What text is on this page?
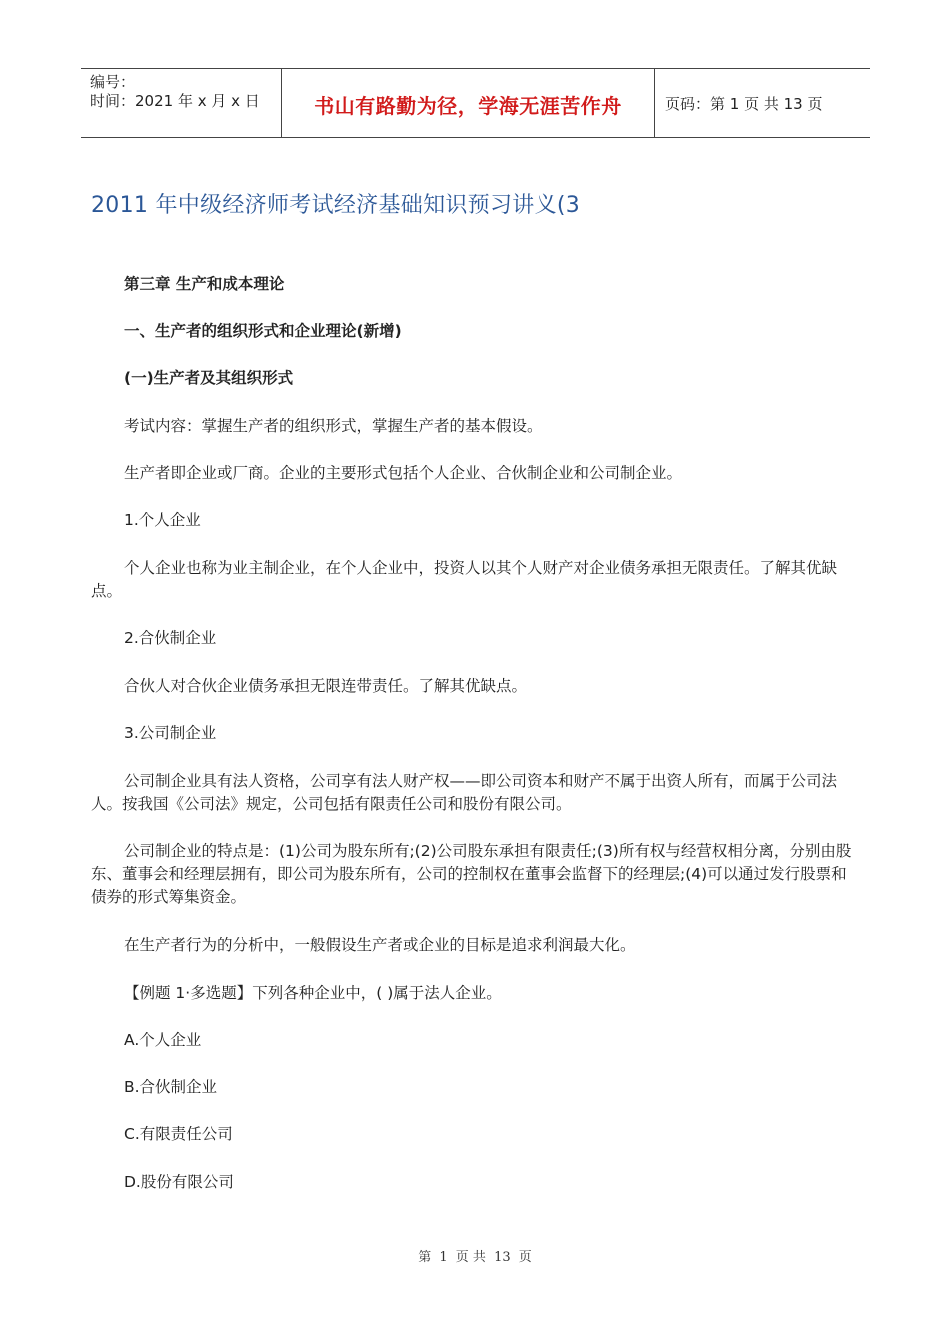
编号：
时间：2021 年 x 月 x 日	书山有路勤为径，学海无涯苦作舟	页码：第 1 页 共 13 页
2011 年中级经济师考试经济基础知识预习讲义(3

第三章 生产和成本理论

一、生产者的组织形式和企业理论(新增)

(一)生产者及其组织形式

考试内容：掌握生产者的组织形式，掌握生产者的基本假设。

生产者即企业或厂商。企业的主要形式包括个人企业、合伙制企业和公司制企业。

1.个人企业

个人企业也称为业主制企业，在个人企业中，投资人以其个人财产对企业债务承担无限责任。了解其优缺点。

2.合伙制企业

合伙人对合伙企业债务承担无限连带责任。了解其优缺点。

3.公司制企业

公司制企业具有法人资格，公司享有法人财产权——即公司资本和财产不属于出资人所有，而属于公司法人。按我国《公司法》规定，公司包括有限责任公司和股份有限公司。

公司制企业的特点是：(1)公司为股东所有;(2)公司股东承担有限责任;(3)所有权与经营权相分离，分别由股东、董事会和经理层拥有，即公司为股东所有，公司的控制权在董事会监督下的经理层;(4)可以通过发行股票和债券的形式筹集资金。

在生产者行为的分析中，一般假设生产者或企业的目标是追求利润最大化。

【例题 1·多选题】下列各种企业中，( )属于法人企业。

A.个人企业

B.合伙制企业

C.有限责任公司

D.股份有限公司

第 1 页 共 13 页
